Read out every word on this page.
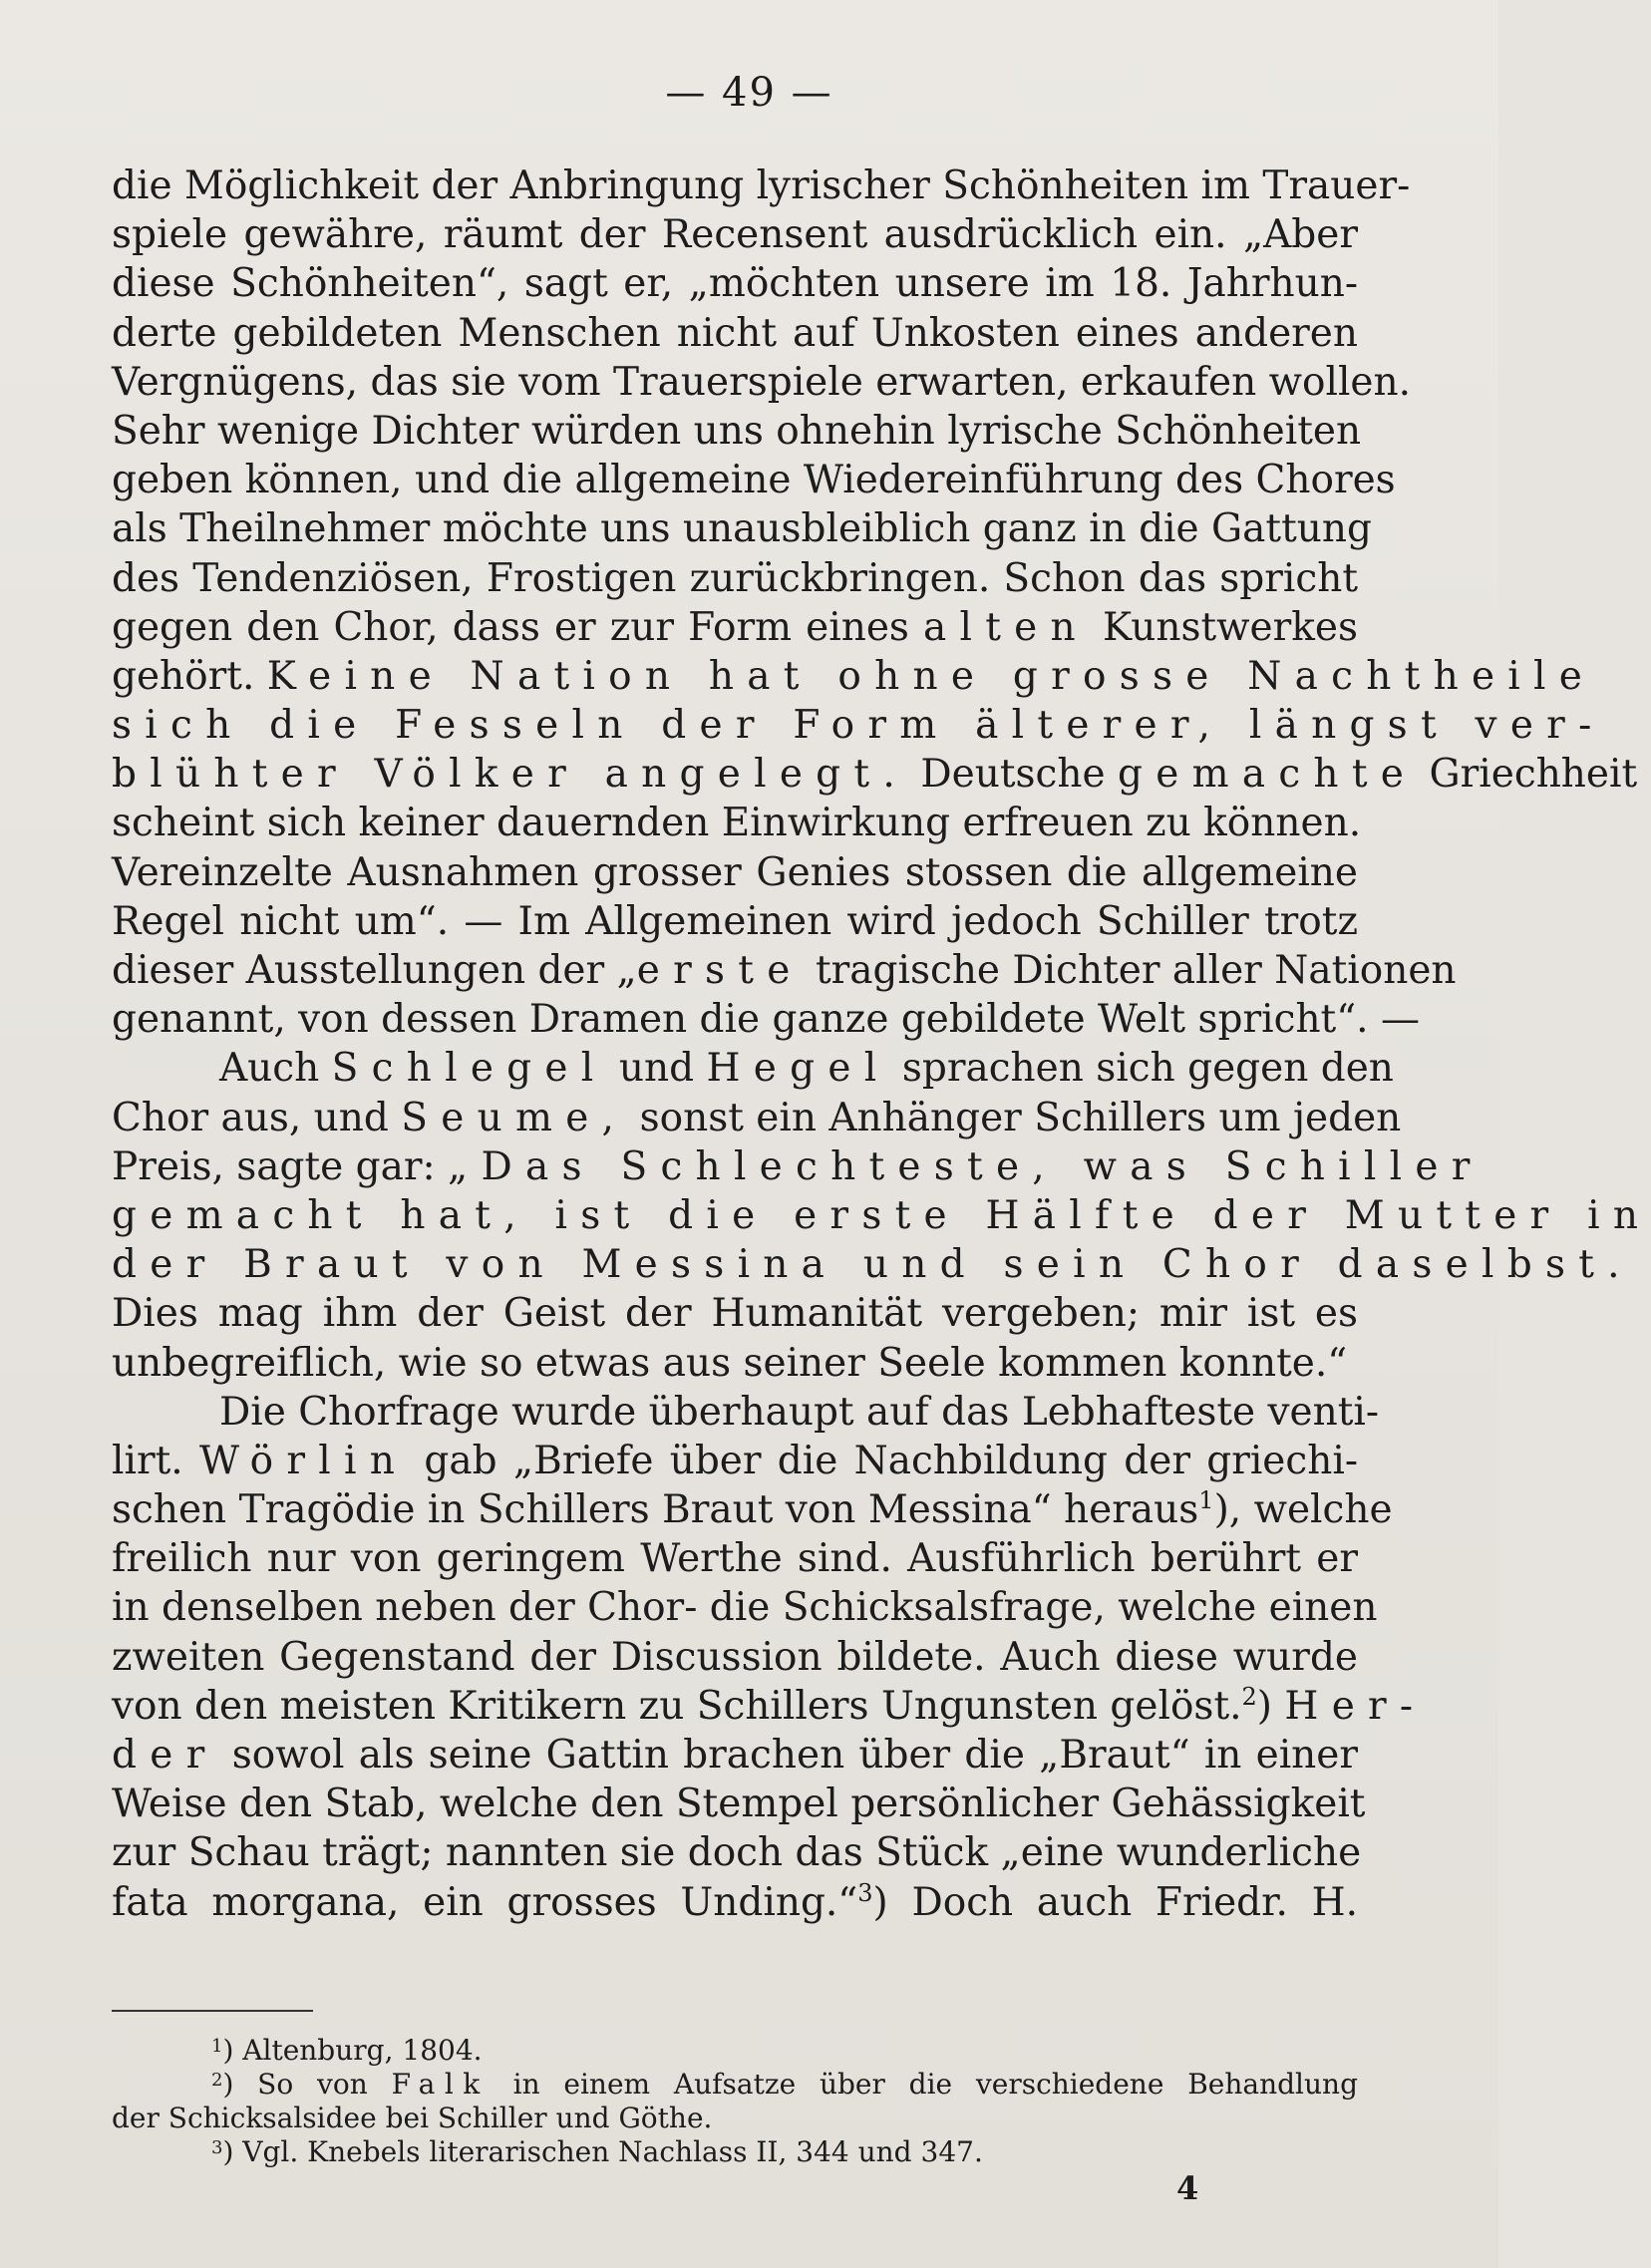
— 49 —
die Möglichkeit der Anbringung lyrischer Schönheiten im Trauer-
spiele gewähre, räumt der Recensent ausdrücklich ein. „Aber
diese Schönheiten“, sagt er, „möchten unsere im 18. Jahrhun-
derte gebildeten Menschen nicht auf Unkosten eines anderen
Vergnügens, das sie vom Trauerspiele erwarten, erkaufen wollen.
Sehr wenige Dichter würden uns ohnehin lyrische Schönheiten
geben können, und die allgemeine Wiedereinführung des Chores
als Theilnehmer möchte uns unausbleiblich ganz in die Gattung
des Tendenziösen, Frostigen zurückbringen. Schon das spricht
gegen den Chor, dass er zur Form eines alten Kunstwerkes
gehört. Keine Nation hat ohne grosse Nachtheile
sich die Fesseln der Form älterer, längst ver-
blühter Völker angelegt. Deutsche gemachte Griechheit
scheint sich keiner dauernden Einwirkung erfreuen zu können.
Vereinzelte Ausnahmen grosser Genies stossen die allgemeine
Regel nicht um“. — Im Allgemeinen wird jedoch Schiller trotz
dieser Ausstellungen der „erste tragische Dichter aller Nationen
genannt, von dessen Dramen die ganze gebildete Welt spricht“. —
Auch Schlegel und Hegel sprachen sich gegen den
Chor aus, und Seume, sonst ein Anhänger Schillers um jeden
Preis, sagte gar: „Das Schlechteste, was Schiller
gemacht hat, ist die erste Hälfte der Mutter in
der Braut von Messina und sein Chor daselbst.
Dies mag ihm der Geist der Humanität vergeben; mir ist es
unbegreiflich, wie so etwas aus seiner Seele kommen konnte.“
Die Chorfrage wurde überhaupt auf das Lebhafteste venti-
lirt. Wörlin gab „Briefe über die Nachbildung der griechi-
schen Tragödie in Schillers Braut von Messina“ heraus$^1$), welche
freilich nur von geringem Werthe sind. Ausführlich berührt er
in denselben neben der Chor- die Schicksalsfrage, welche einen
zweiten Gegenstand der Discussion bildete. Auch diese wurde
von den meisten Kritikern zu Schillers Ungunsten gelöst.$^2$) Her-
der sowol als seine Gattin brachen über die „Braut“ in einer
Weise den Stab, welche den Stempel persönlicher Gehässigkeit
zur Schau trägt; nannten sie doch das Stück „eine wunderliche
fata morgana, ein grosses Unding.“$^3$) Doch auch Friedr. H.
$^1$) Altenburg, 1804.
$^2$) So von Falk in einem Aufsatze über die verschiedene Behandlung
der Schicksalsidee bei Schiller und Göthe.
$^3$) Vgl. Knebels literarischen Nachlass II, 344 und 347.
4
